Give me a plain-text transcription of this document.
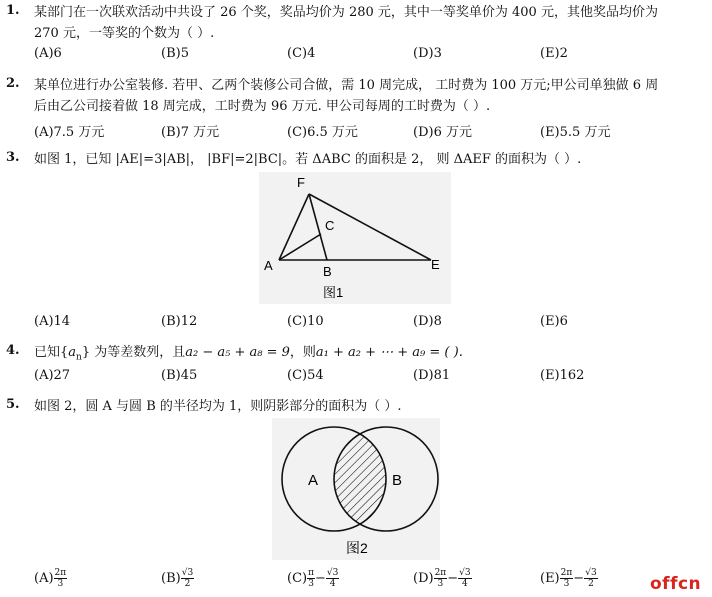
1. 某部门在一次联欢活动中共设了 26 个奖，奖品均价为 280 元，其中一等奖单价为 400 元，其他奖品均价为
270 元，一等奖的个数为（ ）.
(A)6	(B)5	(C)4	(D)3	(E)2
2. 某单位进行办公室装修. 若甲、乙两个装修公司合做，需 10 周完成， 工时费为 100 万元;甲公司单独做 6 周
后由乙公司接着做 18 周完成，工时费为 96 万元. 甲公司每周的工时费为（ ）.
(A)7.5 万元	(B)7 万元	(C)6.5 万元	(D)6 万元	(E)5.5 万元
3. 如图 1，已知 |AE|=3|AB|， |BF|=2|BC|。若 ΔABC 的面积是 2， 则 ΔAEF 的面积为（ ）.
F
C
A	B	E
图1
(A)14	(B)12	(C)10	(D)8	(E)6
4. 已知$\{a_n\}$ 为等差数列，且a₂ − a₅ + a₈ = 9，则a₁ + a₂ + ⋯ + a₉ = ( ).
(A)27	(B)45	(C)54	(D)81	(E)162
5. 如图 2，圆 A 与圆 B 的半径均为 1，则阴影部分的面积为（ ）.
A	B
图2
$(A) \frac{2\pi}{3}$	$(B) \frac{√3}{2}$	$(C) \frac{\pi}{3} - \frac{√3}{4}$	$(D) \frac{2\pi}{3} - \frac{√3}{4}$	$(E) \frac{2\pi}{3} - \frac{√3}{2}$	offcn
